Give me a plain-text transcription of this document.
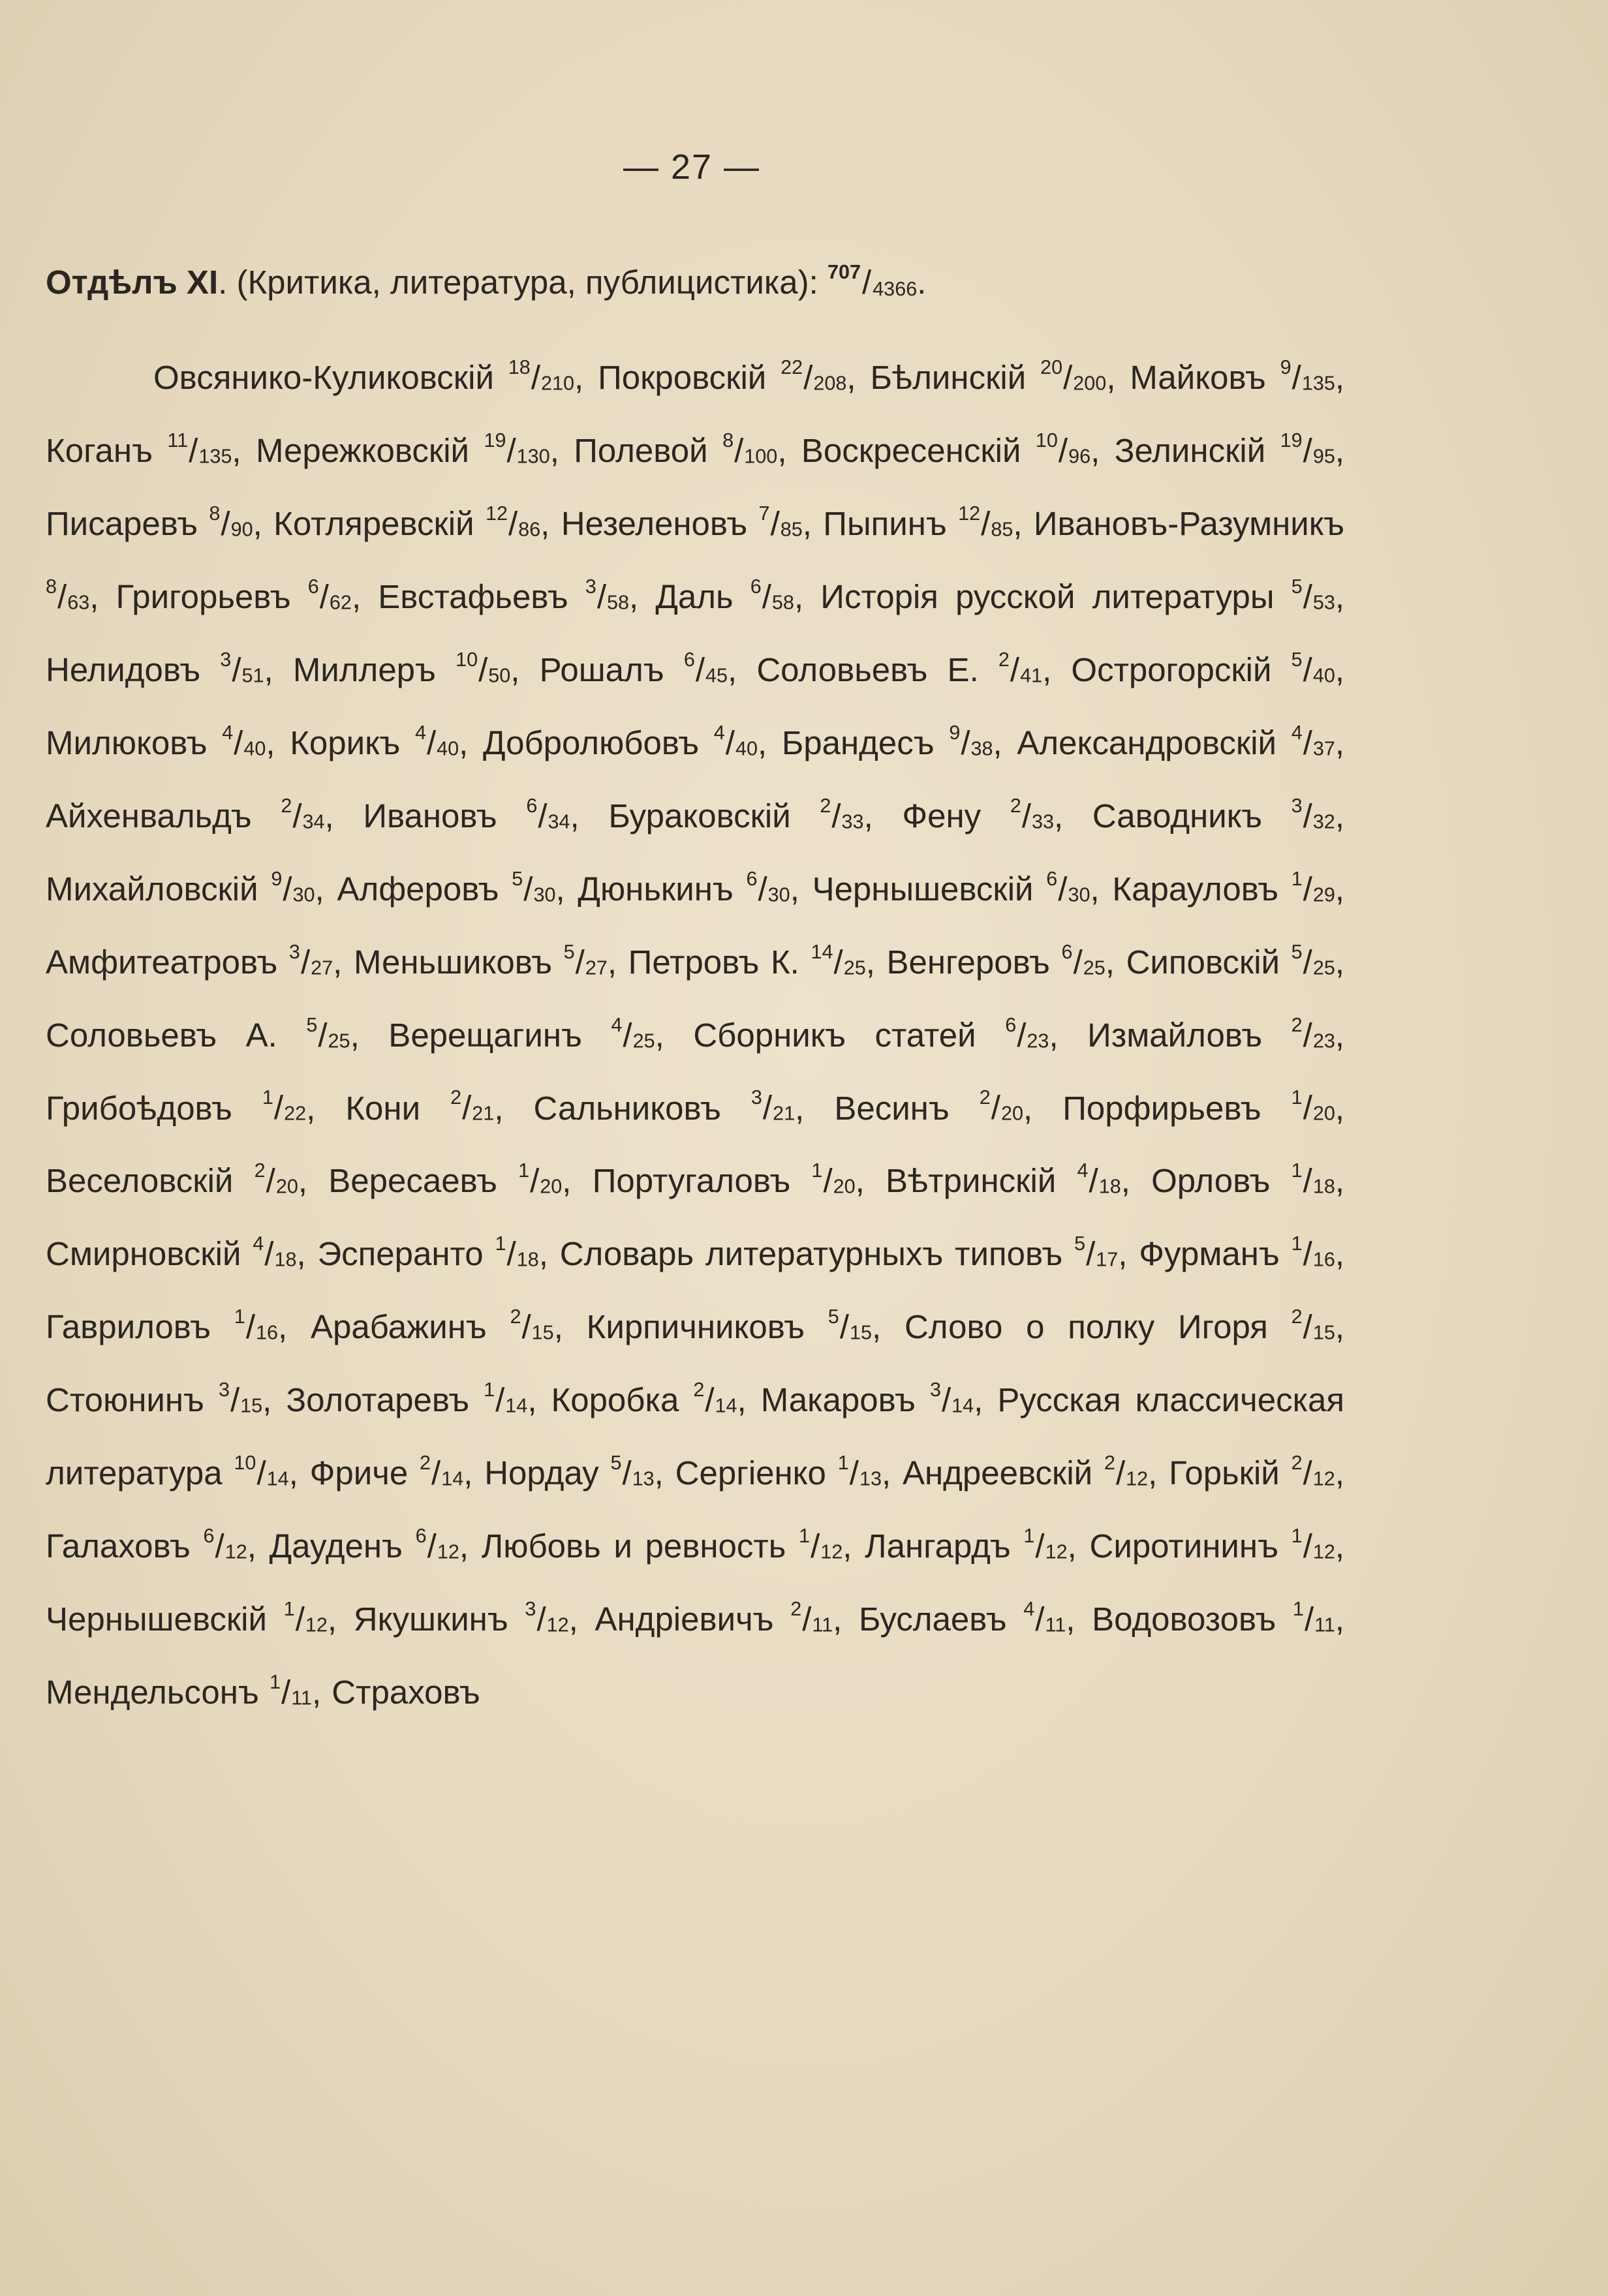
— 27 —
Отдѣлъ XI. (Критика, литература, публицистика): $^{707}/_{4366}$.
Овсянико-Куликовскій $^{18}/_{210}$, Покровскій $^{22}/_{208}$, Бѣлинскій $^{20}/_{200}$, Майковъ $^9/_{135}$, Коганъ $^{11}/_{135}$, Мережковскій $^{19}/_{130}$, Полевой $^8/_{100}$, Воскресенскій $^{10}/_{96}$, Зелинскій $^{19}/_{95}$, Писаревъ $^8/_{90}$, Котляревскій $^{12}/_{86}$, Незелeновъ $^7/_{85}$, Пыпинъ $^{12}/_{85}$, Ивановъ-Разумникъ $^8/_{63}$, Григорьевъ $^6/_{62}$, Евстафьевъ $^3/_{58}$, Даль $^6/_{58}$, Исторія русской литературы $^5/_{53}$, Нелидовъ $^3/_{51}$, Миллеръ $^{10}/_{50}$, Рошалъ $^6/_{45}$, Соловьевъ Е. $^2/_{41}$, Острогорскій $^5/_{40}$, Милюковъ $^4/_{40}$, Корикъ $^4/_{40}$, Добролюбовъ $^4/_{40}$, Брандесъ $^9/_{38}$, Александровскій $^4/_{37}$, Айхенвальдъ $^2/_{34}$, Ивановъ $^6/_{34}$, Бураковскій $^2/_{33}$, Фену $^2/_{33}$, Саводникъ $^3/_{32}$, Михайловскій $^9/_{30}$, Алферовъ $^5/_{30}$, Дюнькинъ $^6/_{30}$, Чернышевскій $^6/_{30}$, Карауловъ $^1/_{29}$, Амфитеатровъ $^3/_{27}$, Меньшиковъ $^5/_{27}$, Петровъ К. $^{14}/_{25}$, Венгеровъ $^6/_{25}$, Сиповскій $^5/_{25}$, Соловьевъ А. $^5/_{25}$, Верещагинъ $^4/_{25}$, Сборникъ статей $^6/_{23}$, Измайловъ $^2/_{23}$, Грибоѣдовъ $^1/_{22}$, Кони $^2/_{21}$, Сальниковъ $^3/_{21}$, Весинъ $^2/_{20}$, Порфирьевъ $^1/_{20}$, Веселовскій $^2/_{20}$, Вересаевъ $^1/_{20}$, Португаловъ $^1/_{20}$, Вѣтринскій $^4/_{18}$, Орловъ $^1/_{18}$, Смирновскій $^4/_{18}$, Эсперанто $^1/_{18}$, Словарь литературныхъ типовъ $^5/_{17}$, Фурманъ $^1/_{16}$, Гавриловъ $^1/_{16}$, Арабажинъ $^2/_{15}$, Кирпичниковъ $^5/_{15}$, Слово о полку Игоря $^2/_{15}$, Стоюнинъ $^3/_{15}$, Золотаревъ $^1/_{14}$, Коробка $^2/_{14}$, Макаровъ $^3/_{14}$, Русская классическая литература $^{10}/_{14}$, Фриче $^2/_{14}$, Нордау $^5/_{13}$, Сергіенко $^1/_{13}$, Андреевскій $^2/_{12}$, Горькій $^2/_{12}$, Галаховъ $^6/_{12}$, Дауденъ $^6/_{12}$, Любовь и ревность $^1/_{12}$, Лангардъ $^1/_{12}$, Сиротининъ $^1/_{12}$, Чернышевскій $^1/_{12}$, Якушкинъ $^3/_{12}$, Андріевичъ $^2/_{11}$, Буслаевъ $^4/_{11}$, Водовозовъ $^1/_{11}$, Мендельсонъ $^1/_{11}$, Страховъ
